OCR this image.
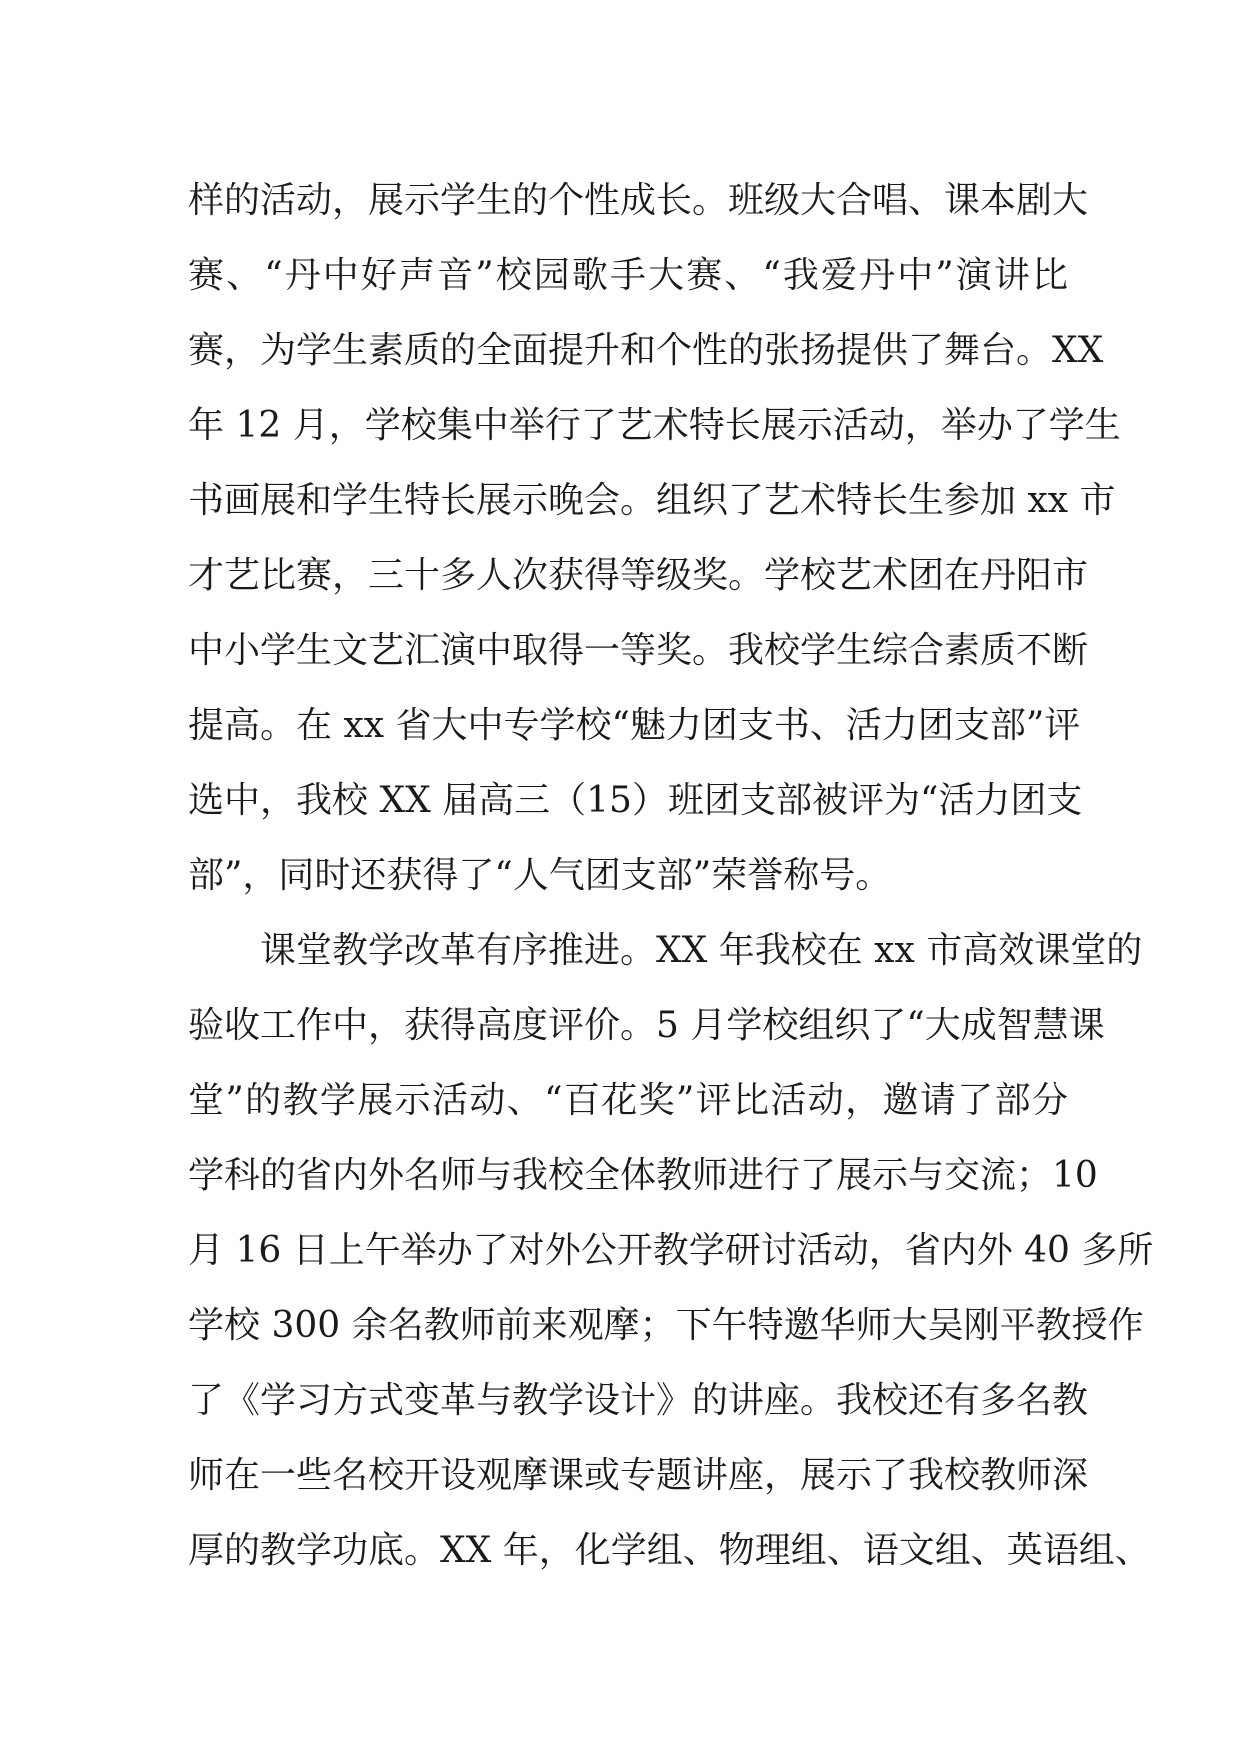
样的活动，展示学生的个性成长。班级大合唱、课本剧大
赛、“丹中好声音”校园歌手大赛、“我爱丹中”演讲比
赛，为学生素质的全面提升和个性的张扬提供了舞台。XX
年 12 月，学校集中举行了艺术特长展示活动，举办了学生
书画展和学生特长展示晚会。组织了艺术特长生参加 xx 市
才艺比赛，三十多人次获得等级奖。学校艺术团在丹阳市
中小学生文艺汇演中取得一等奖。我校学生综合素质不断
提高。在 xx 省大中专学校“魅力团支书、活力团支部”评
选中，我校 XX 届高三（15）班团支部被评为“活力团支
部”，同时还获得了“人气团支部”荣誉称号。
课堂教学改革有序推进。XX 年我校在 xx 市高效课堂的
验收工作中，获得高度评价。5 月学校组织了“大成智慧课
堂”的教学展示活动、“百花奖”评比活动，邀请了部分
学科的省内外名师与我校全体教师进行了展示与交流；10
月 16 日上午举办了对外公开教学研讨活动，省内外 40 多所
学校 300 余名教师前来观摩；下午特邀华师大吴刚平教授作
了《学习方式变革与教学设计》的讲座。我校还有多名教
师在一些名校开设观摩课或专题讲座，展示了我校教师深
厚的教学功底。XX 年，化学组、物理组、语文组、英语组、
